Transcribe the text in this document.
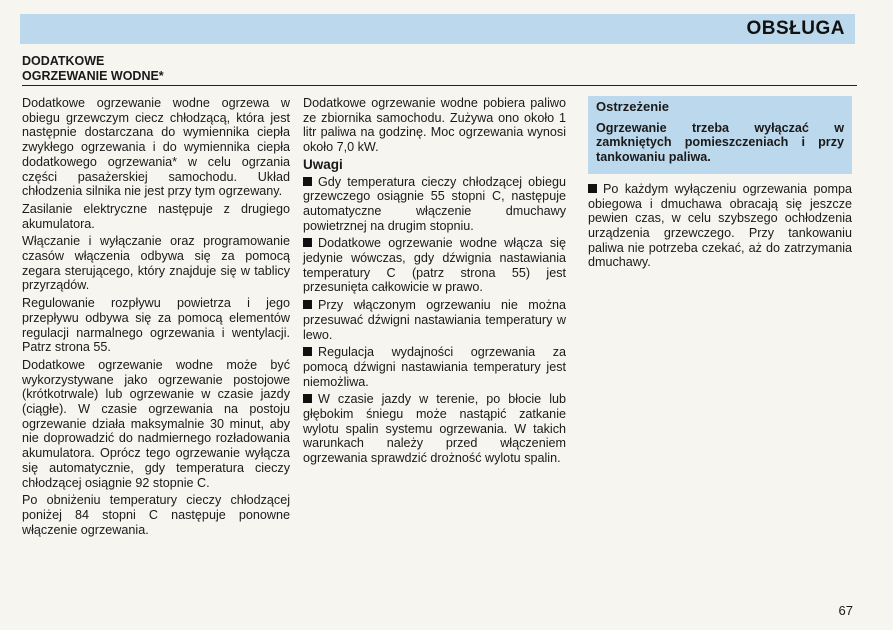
OBSŁUGA
DODATKOWE
OGRZEWANIE WODNE*

Dodatkowe ogrzewanie wodne ogrzewa w obiegu grzewczym ciecz chłodzącą, która jest następnie dostarczana do wymiennika ciepła zwykłego ogrzewania i do wymiennika ciepła dodatkowego ogrzewania* w celu ogrzania części pasażerskiej samochodu. Układ chłodzenia silnika nie jest przy tym ogrzewany.

Zasilanie elektryczne następuje z drugiego akumulatora.

Włączanie i wyłączanie oraz programowanie czasów włączenia odbywa się za pomocą zegara sterującego, który znajduje się w tablicy przyrządów.

Regulowanie rozpływu powietrza i jego przepływu odbywa się za pomocą elementów regulacji narmalnego ogrzewania i wentylacji. Patrz strona 55.

Dodatkowe ogrzewanie wodne może być wykorzystywane jako ogrzewanie postojowe (krótkotrwale) lub ogrzewanie w czasie jazdy (ciągłe). W czasie ogrzewania na postoju ogrzewanie działa maksymalnie 30 minut, aby nie doprowadzić do nadmiernego rozładowania akumulatora. Oprócz tego ogrzewanie wyłącza się automatycznie, gdy temperatura cieczy chłodzącej osiągnie 92 stopnie C.

Po obniżeniu temperatury cieczy chłodzącej poniżej 84 stopni C następuje ponowne włączenie ogrzewania.

Dodatkowe ogrzewanie wodne pobiera paliwo ze zbiornika samochodu. Zużywa ono około 1 litr paliwa na godzinę. Moc ogrzewania wynosi około 7,0 kW.

Uwagi

Gdy temperatura cieczy chłodzącej obiegu grzewczego osiągnie 55 stopni C, następuje automatyczne włączenie dmuchawy powietrznej na drugim stopniu.

Dodatkowe ogrzewanie wodne włącza się jedynie wówczas, gdy dźwignia nastawiania temperatury C (patrz strona 55) jest przesunięta całkowicie w prawo.

Przy włączonym ogrzewaniu nie można przesuwać dźwigni nastawiania temperatury w lewo.

Regulacja wydajności ogrzewania za pomocą dźwigni nastawiania temperatury jest niemożliwa.

W czasie jazdy w terenie, po błocie lub głębokim śniegu może nastąpić zatkanie wylotu spalin systemu ogrzewania. W takich warunkach należy przed włączeniem ogrzewania sprawdzić drożność wylotu spalin.

Ostrzeżenie

Ogrzewanie trzeba wyłączać w zamkniętych pomieszczeniach i przy tankowaniu paliwa.

Po każdym wyłączeniu ogrzewania pompa obiegowa i dmuchawa obracają się jeszcze pewien czas, w celu szybszego ochłodzenia urządzenia grzewczego. Przy tankowaniu paliwa nie potrzeba czekać, aż do zatrzymania dmuchawy.

67
